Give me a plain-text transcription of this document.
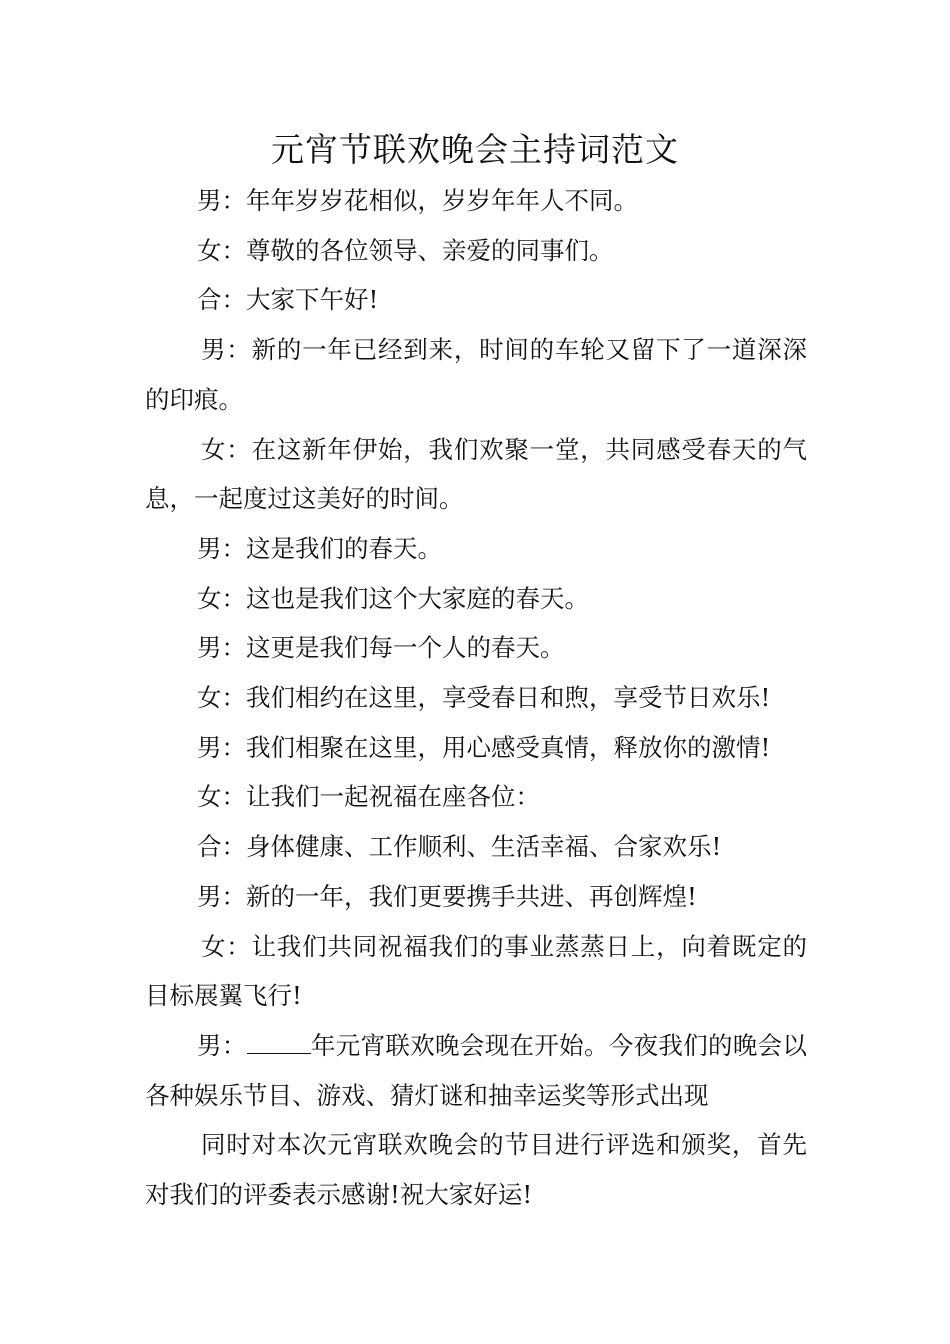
元宵节联欢晚会主持词范文

男：年年岁岁花相似，岁岁年年人不同。

女：尊敬的各位领导、亲爱的同事们。

合：大家下午好!

男：新的一年已经到来，时间的车轮又留下了一道深深的印痕。

女：在这新年伊始，我们欢聚一堂，共同感受春天的气息，一起度过这美好的时间。

男：这是我们的春天。

女：这也是我们这个大家庭的春天。

男：这更是我们每一个人的春天。

女：我们相约在这里，享受春日和煦，享受节日欢乐!

男：我们相聚在这里，用心感受真情，释放你的激情!

女：让我们一起祝福在座各位：

合：身体健康、工作顺利、生活幸福、合家欢乐!

男：新的一年，我们更要携手共进、再创辉煌!

女：让我们共同祝福我们的事业蒸蒸日上，向着既定的目标展翼飞行!

男：	年元宵联欢晚会现在开始。今夜我们的晚会以各种娱乐节目、游戏、猜灯谜和抽幸运奖等形式出现

同时对本次元宵联欢晚会的节目进行评选和颁奖，首先对我们的评委表示感谢!祝大家好运!
